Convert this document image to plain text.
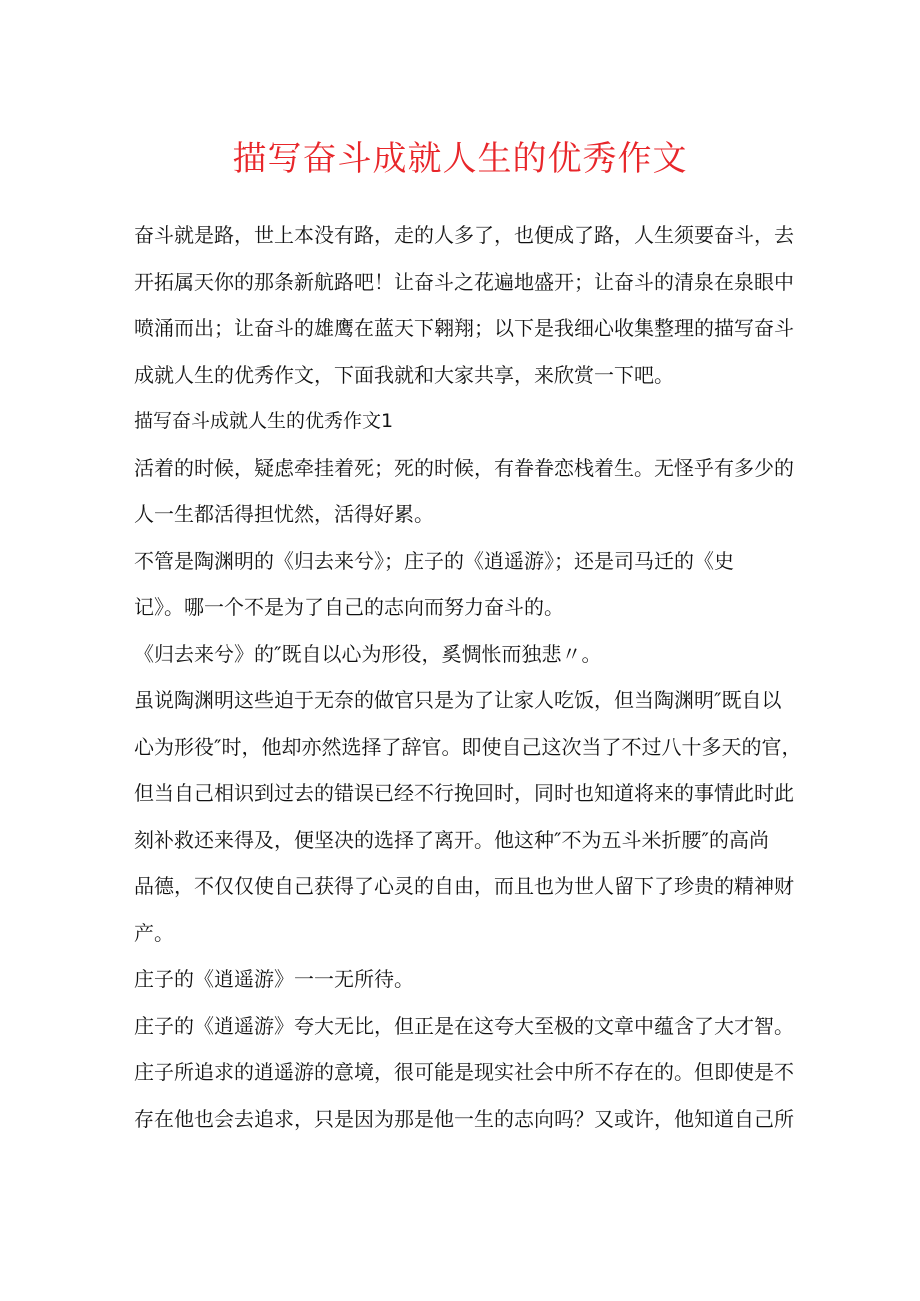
描写奋斗成就人生的优秀作文
奋斗就是路，世上本没有路，走的人多了，也便成了路，人生须要奋斗，去
开拓属天你的那条新航路吧！让奋斗之花遍地盛开；让奋斗的清泉在泉眼中
喷涌而出；让奋斗的雄鹰在蓝天下翱翔；以下是我细心收集整理的描写奋斗
成就人生的优秀作文，下面我就和大家共享，来欣赏一下吧。
描写奋斗成就人生的优秀作文1
活着的时候，疑虑牵挂着死；死的时候，有眷眷恋栈着生。无怪乎有多少的
人一生都活得担忧然，活得好累。
不管是陶渊明的《归去来兮》；庄子的《逍遥游》；还是司马迁的《史
记》。哪一个不是为了自己的志向而努力奋斗的。
《归去来兮》的″既自以心为形役，奚惆怅而独悲〃。
虽说陶渊明这些迫于无奈的做官只是为了让家人吃饭，但当陶渊明″既自以
心为形役″时，他却亦然选择了辞官。即使自己这次当了不过八十多天的官，
但当自己相识到过去的错误已经不行挽回时，同时也知道将来的事情此时此
刻补救还来得及，便坚决的选择了离开。他这种″不为五斗米折腰″的高尚
品德，不仅仅使自己获得了心灵的自由，而且也为世人留下了珍贵的精神财
产。
庄子的《逍遥游》一一无所待。
庄子的《逍遥游》夸大无比，但正是在这夸大至极的文章中蕴含了大才智。
庄子所追求的逍遥游的意境，很可能是现实社会中所不存在的。但即使是不
存在他也会去追求，只是因为那是他一生的志向吗？又或许，他知道自己所
